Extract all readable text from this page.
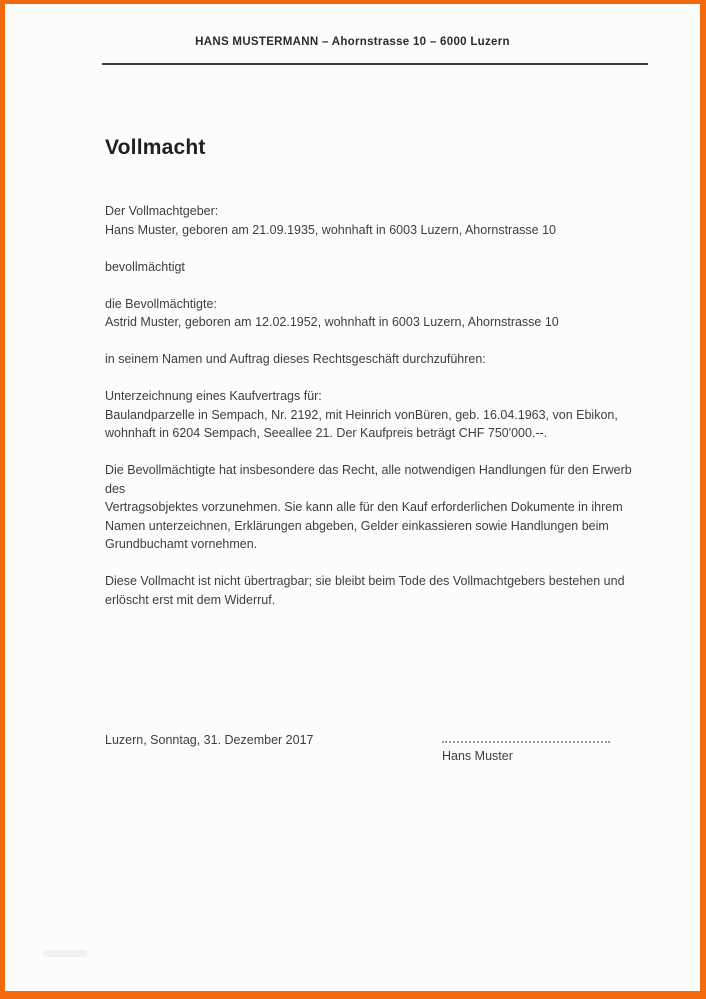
HANS MUSTERMANN – Ahornstrasse 10 – 6000 Luzern
Vollmacht

Der Vollmachtgeber:
Hans Muster, geboren am 21.09.1935, wohnhaft in 6003 Luzern, Ahornstrasse 10

bevollmächtigt

die Bevollmächtigte:
Astrid Muster, geboren am 12.02.1952, wohnhaft in 6003 Luzern, Ahornstrasse 10

in seinem Namen und Auftrag dieses Rechtsgeschäft durchzuführen:

Unterzeichnung eines Kaufvertrags für:
Baulandparzelle in Sempach, Nr. 2192, mit Heinrich vonBüren, geb. 16.04.1963, von Ebikon,
wohnhaft in 6204 Sempach, Seeallee 21. Der Kaufpreis beträgt CHF 750'000.--.

Die Bevollmächtigte hat insbesondere das Recht, alle notwendigen Handlungen für den Erwerb des
Vertragsobjektes vorzunehmen. Sie kann alle für den Kauf erforderlichen Dokumente in ihrem
Namen unterzeichnen, Erklärungen abgeben, Gelder einkassieren sowie Handlungen beim
Grundbuchamt vornehmen.

Diese Vollmacht ist nicht übertragbar; sie bleibt beim Tode des Vollmachtgebers bestehen und
erlöscht erst mit dem Widerruf.

Luzern, Sonntag, 31. Dezember 2017
Hans Muster
